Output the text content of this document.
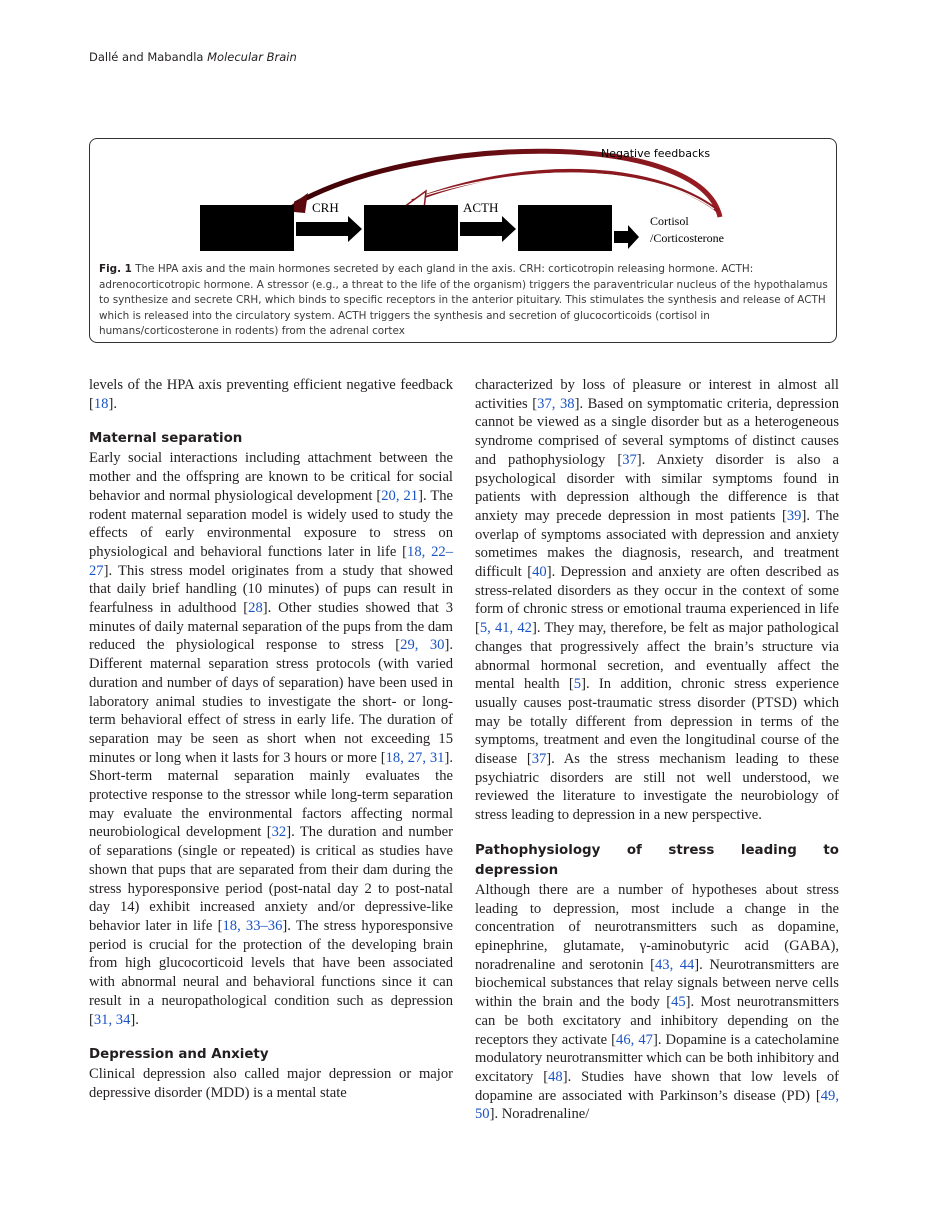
Dallé and Mabandla Molecular Brain
CRH	ACTH
Cortisol
/Corticosterone
Negative feedbacks
Fig. 1 The HPA axis and the main hormones secreted by each gland in the axis. CRH: corticotropin releasing hormone. ACTH: adrenocorticotropic hormone. A stressor (e.g., a threat to the life of the organism) triggers the paraventricular nucleus of the hypothalamus to synthesize and secrete CRH, which binds to specific receptors in the anterior pituitary. This stimulates the synthesis and release of ACTH which is released into the circulatory system. ACTH triggers the synthesis and secretion of glucocorticoids (cortisol in humans/corticosterone in rodents) from the adrenal cortex

levels of the HPA axis preventing efficient negative feedback [18].

Maternal separation

Early social interactions including attachment between the mother and the offspring are known to be critical for social behavior and normal physiological development [20, 21]. The rodent maternal separation model is widely used to study the effects of early environmental exposure to stress on physiological and behavioral functions later in life [18, 22–27]. This stress model originates from a study that showed that daily brief handling (10 minutes) of pups can result in fearfulness in adulthood [28]. Other studies showed that 3 minutes of daily maternal separation of the pups from the dam reduced the physiological response to stress [29, 30]. Different maternal separation stress protocols (with varied duration and number of days of separation) have been used in laboratory animal studies to investigate the short- or long-term behavioral effect of stress in early life. The duration of separation may be seen as short when not exceeding 15 minutes or long when it lasts for 3 hours or more [18, 27, 31]. Short-term maternal separation mainly evaluates the protective response to the stressor while long-term separation may evaluate the environmental factors affecting normal neurobiological development [32]. The duration and number of separations (single or repeated) is critical as studies have shown that pups that are separated from their dam during the stress hyporesponsive period (post-natal day 2 to post-natal day 14) exhibit increased anxiety and/or depressive-like behavior later in life [18, 33–36]. The stress hyporesponsive period is crucial for the protection of the developing brain from high glucocorticoid levels that have been associated with abnormal neural and behavioral functions since it can result in a neuropathological condition such as depression [31, 34].

Depression and Anxiety

Clinical depression also called major depression or major depressive disorder (MDD) is a mental state

characterized by loss of pleasure or interest in almost all activities [37, 38]. Based on symptomatic criteria, depression cannot be viewed as a single disorder but as a heterogeneous syndrome comprised of several symptoms of distinct causes and pathophysiology [37]. Anxiety disorder is also a psychological disorder with similar symptoms found in patients with depression although the difference is that anxiety may precede depression in most patients [39]. The overlap of symptoms associated with depression and anxiety sometimes makes the diagnosis, research, and treatment difficult [40]. Depression and anxiety are often described as stress-related disorders as they occur in the context of some form of chronic stress or emotional trauma experienced in life [5, 41, 42]. They may, therefore, be felt as major pathological changes that progressively affect the brain’s structure via abnormal hormonal secretion, and eventually affect the mental health [5]. In addition, chronic stress experience usually causes post-traumatic stress disorder (PTSD) which may be totally different from depression in terms of the symptoms, treatment and even the longitudinal course of the disease [37]. As the stress mechanism leading to these psychiatric disorders are still not well understood, we reviewed the literature to investigate the neurobiology of stress leading to depression in a new perspective.

Pathophysiology of stress leading to depression

Although there are a number of hypotheses about stress leading to depression, most include a change in the concentration of neurotransmitters such as dopamine, epinephrine, glutamate, γ-aminobutyric acid (GABA), noradrenaline and serotonin [43, 44]. Neurotransmitters are biochemical substances that relay signals between nerve cells within the brain and the body [45]. Most neurotransmitters can be both excitatory and inhibitory depending on the receptors they activate [46, 47]. Dopamine is a catecholamine modulatory neurotransmitter which can be both inhibitory and excitatory [48]. Studies have shown that low levels of dopamine are associated with Parkinson’s disease (PD) [49, 50]. Noradrenaline/
